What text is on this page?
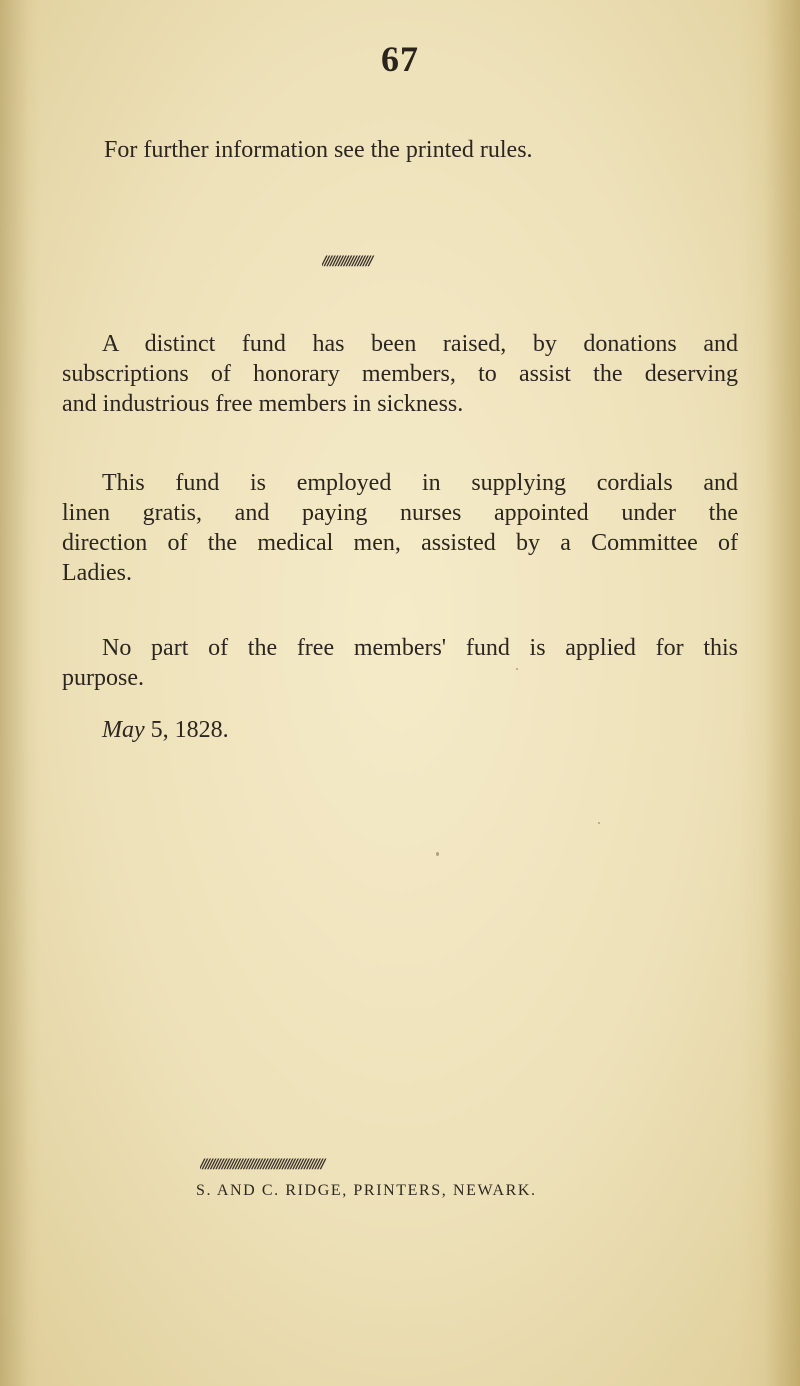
67
For further information see the printed rules.
∕∕∕∕∕∕∕∕∕∕∕∕∕∕∕∕∕∕
A distinct fund has been raised, by donations and
subscriptions of honorary members, to assist the deserving
and industrious free members in sickness.
This fund is employed in supplying cordials and
linen gratis, and paying nurses appointed under the
direction of the medical men, assisted by a Committee of
Ladies.
No part of the free members' fund is applied for this
purpose.
May 5, 1828.
∕∕∕∕∕∕∕∕∕∕∕∕∕∕∕∕∕∕∕∕∕∕∕∕∕∕∕∕∕∕∕∕∕∕∕∕∕∕∕∕∕∕∕∕∕
S. AND C. RIDGE, PRINTERS, NEWARK.
